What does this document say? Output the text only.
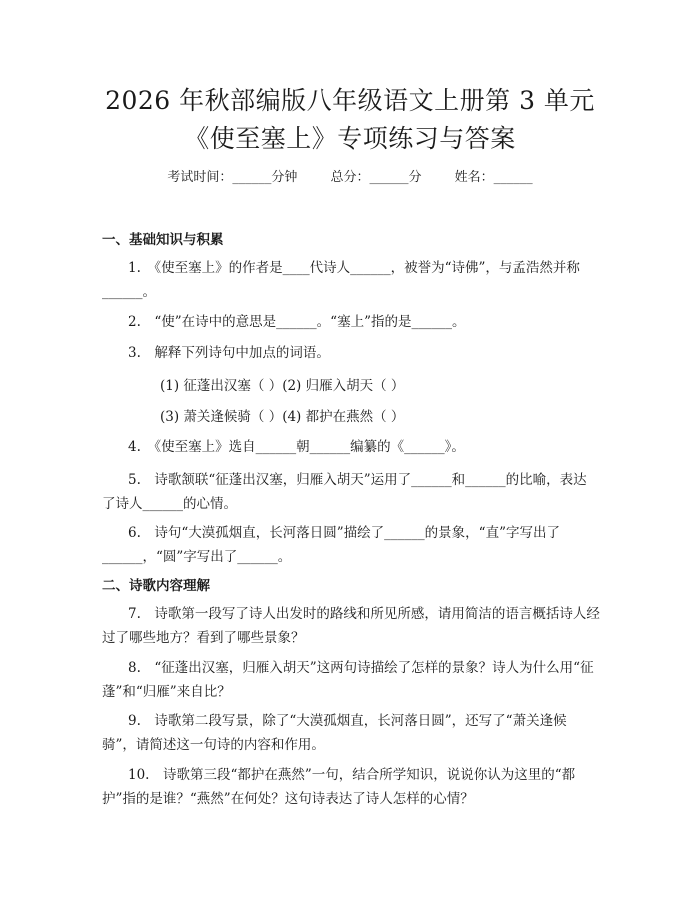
2026 年秋部编版八年级语文上册第 3 单元
《使至塞上》专项练习与答案
考试时间：______分钟	总分：______分	姓名：______
一、基础知识与积累
1.　《使至塞上》的作者是____代诗人______，被誉为“诗佛”，与孟浩然并称______。
2.　“使”在诗中的意思是______。“塞上”指的是______。
3.　解释下列诗句中加点的词语。
(1) 征蓬出汉塞（ ）(2) 归雁入胡天（ ）
(3) 萧关逢候骑（ ）(4) 都护在燕然（ ）
4.　《使至塞上》选自______朝______编纂的《______》。
5.　诗歌颔联“征蓬出汉塞，归雁入胡天”运用了______和______的比喻，表达了诗人______的心情。
6.　诗句“大漠孤烟直，长河落日圆”描绘了______的景象，“直”字写出了______，“圆”字写出了______。
二、诗歌内容理解
7.　诗歌第一段写了诗人出发时的路线和所见所感，请用简洁的语言概括诗人经过了哪些地方？看到了哪些景象？
8.　“征蓬出汉塞，归雁入胡天”这两句诗描绘了怎样的景象？诗人为什么用“征蓬”和“归雁”来自比？
9.　诗歌第二段写景，除了“大漠孤烟直，长河落日圆”，还写了“萧关逢候骑”，请简述这一句诗的内容和作用。
10.　诗歌第三段“都护在燕然”一句，结合所学知识，说说你认为这里的“都护”指的是谁？“燕然”在何处？这句诗表达了诗人怎样的心情？
